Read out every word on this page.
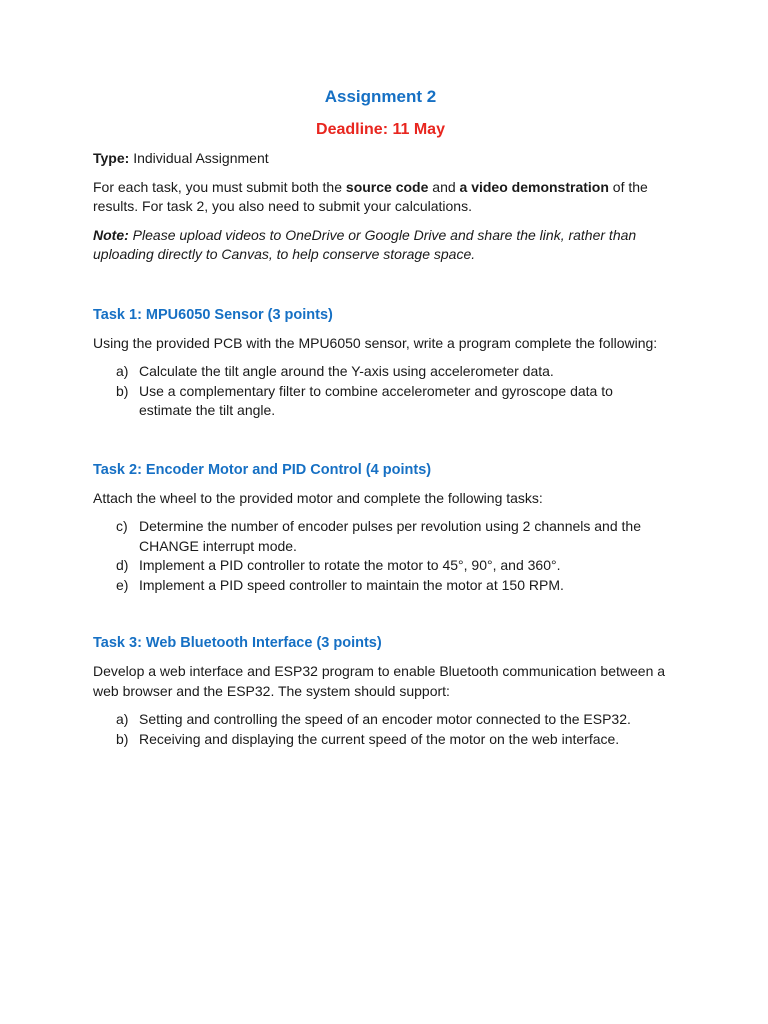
Assignment 2
Deadline: 11 May

Type: Individual Assignment

For each task, you must submit both the source code and a video demonstration of the results. For task 2, you also need to submit your calculations.

Note: Please upload videos to OneDrive or Google Drive and share the link, rather than uploading directly to Canvas, to help conserve storage space.

Task 1: MPU6050 Sensor (3 points)

Using the provided PCB with the MPU6050 sensor, write a program complete the following:

a) Calculate the tilt angle around the Y-axis using accelerometer data.
b) Use a complementary filter to combine accelerometer and gyroscope data to estimate the tilt angle.
Task 2: Encoder Motor and PID Control (4 points)

Attach the wheel to the provided motor and complete the following tasks:

c) Determine the number of encoder pulses per revolution using 2 channels and the CHANGE interrupt mode.
d) Implement a PID controller to rotate the motor to 45°, 90°, and 360°.
e) Implement a PID speed controller to maintain the motor at 150 RPM.
Task 3: Web Bluetooth Interface (3 points)

Develop a web interface and ESP32 program to enable Bluetooth communication between a web browser and the ESP32. The system should support:

a) Setting and controlling the speed of an encoder motor connected to the ESP32.
b) Receiving and displaying the current speed of the motor on the web interface.
